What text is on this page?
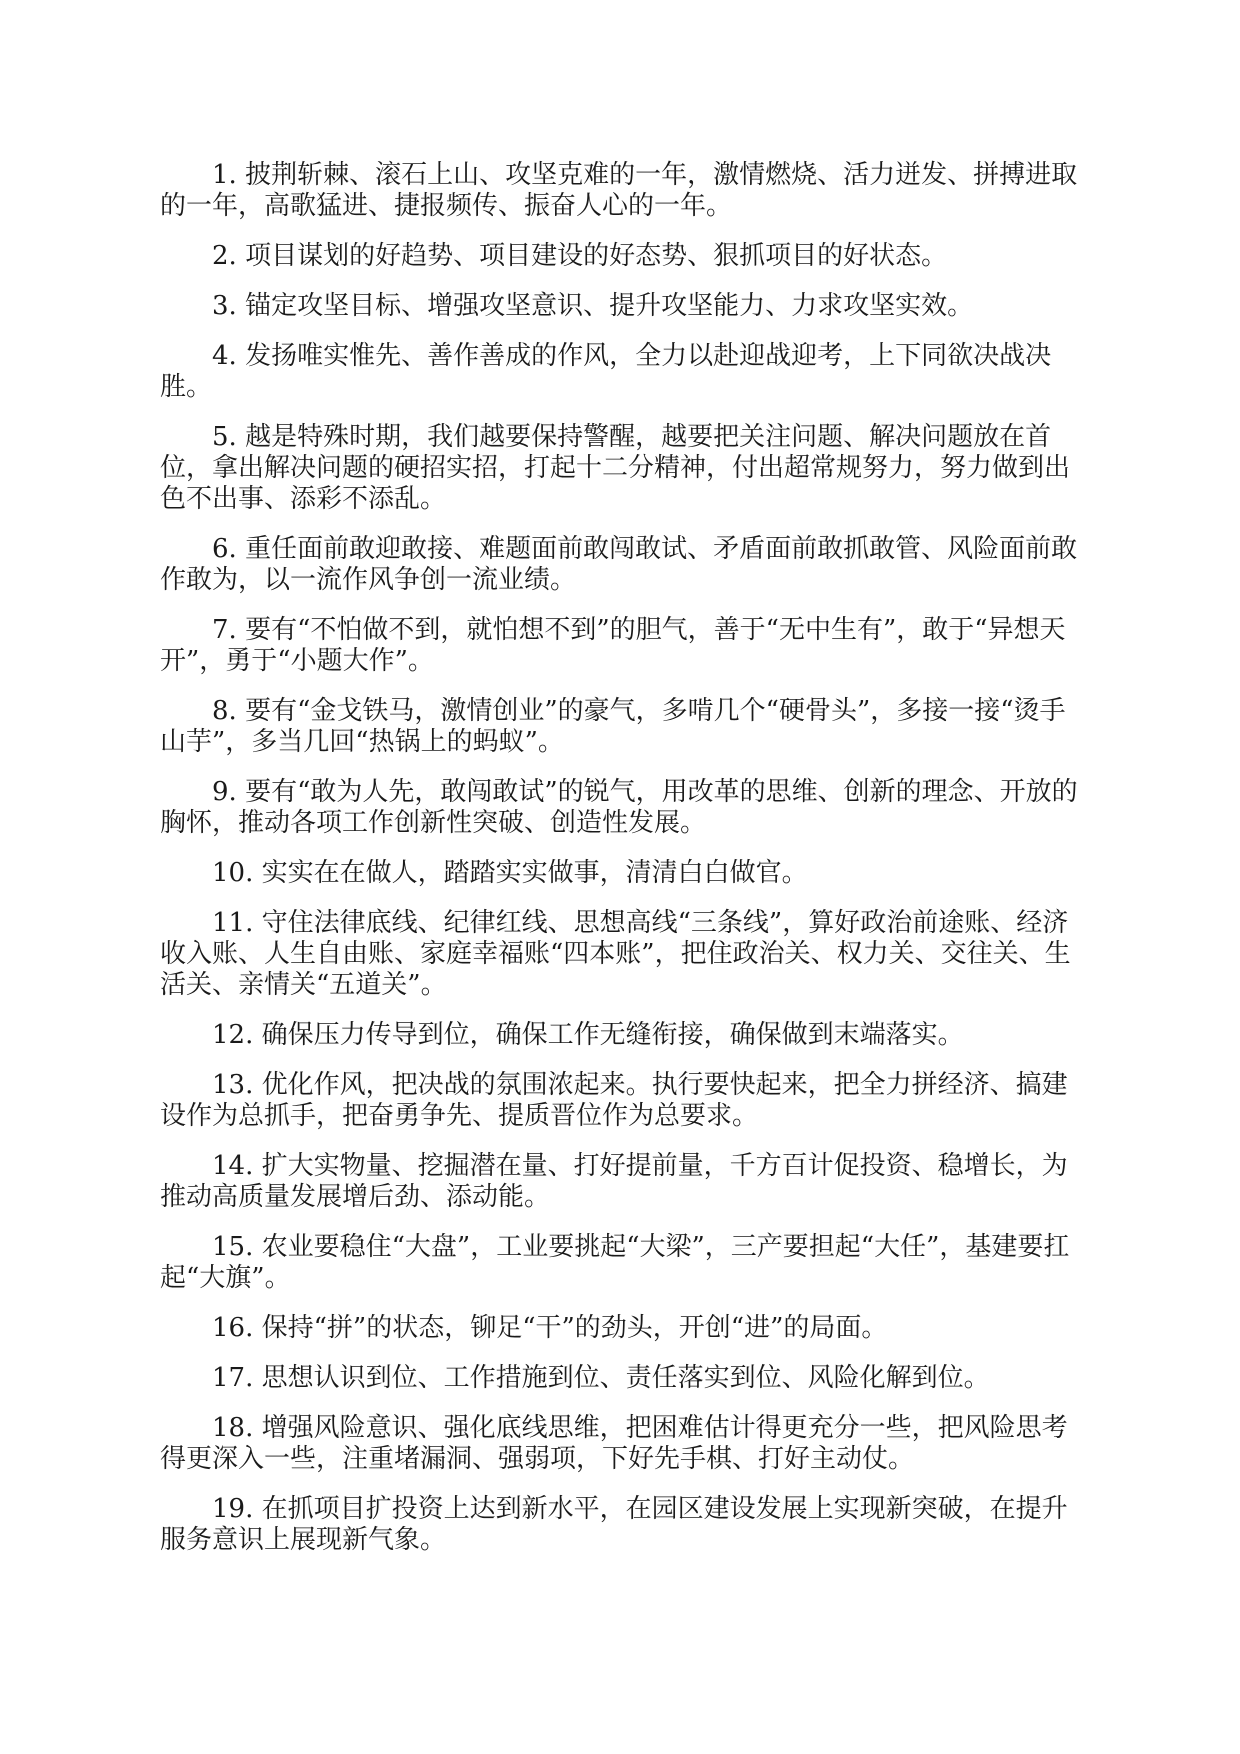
1. 披荆斩棘、滚石上山、攻坚克难的一年，激情燃烧、活力迸发、拼搏进取的一年，高歌猛进、捷报频传、振奋人心的一年。

2. 项目谋划的好趋势、项目建设的好态势、狠抓项目的好状态。

3. 锚定攻坚目标、增强攻坚意识、提升攻坚能力、力求攻坚实效。

4. 发扬唯实惟先、善作善成的作风，全力以赴迎战迎考，上下同欲决战决胜。

5. 越是特殊时期，我们越要保持警醒，越要把关注问题、解决问题放在首位，拿出解决问题的硬招实招，打起十二分精神，付出超常规努力，努力做到出色不出事、添彩不添乱。

6. 重任面前敢迎敢接、难题面前敢闯敢试、矛盾面前敢抓敢管、风险面前敢作敢为，以一流作风争创一流业绩。

7. 要有“不怕做不到，就怕想不到”的胆气，善于“无中生有”，敢于“异想天开”，勇于“小题大作”。

8. 要有“金戈铁马，激情创业”的豪气，多啃几个“硬骨头”，多接一接“烫手山芋”，多当几回“热锅上的蚂蚁”。

9. 要有“敢为人先，敢闯敢试”的锐气，用改革的思维、创新的理念、开放的胸怀，推动各项工作创新性突破、创造性发展。

10. 实实在在做人，踏踏实实做事，清清白白做官。

11. 守住法律底线、纪律红线、思想高线“三条线”，算好政治前途账、经济收入账、人生自由账、家庭幸福账“四本账”，把住政治关、权力关、交往关、生活关、亲情关“五道关”。

12. 确保压力传导到位，确保工作无缝衔接，确保做到末端落实。

13. 优化作风，把决战的氛围浓起来。执行要快起来，把全力拼经济、搞建设作为总抓手，把奋勇争先、提质晋位作为总要求。

14. 扩大实物量、挖掘潜在量、打好提前量，千方百计促投资、稳增长，为推动高质量发展增后劲、添动能。

15. 农业要稳住“大盘”，工业要挑起“大梁”，三产要担起“大任”，基建要扛起“大旗”。

16. 保持“拼”的状态，铆足“干”的劲头，开创“进”的局面。

17. 思想认识到位、工作措施到位、责任落实到位、风险化解到位。

18. 增强风险意识、强化底线思维，把困难估计得更充分一些，把风险思考得更深入一些，注重堵漏洞、强弱项，下好先手棋、打好主动仗。

19. 在抓项目扩投资上达到新水平，在园区建设发展上实现新突破，在提升服务意识上展现新气象。
